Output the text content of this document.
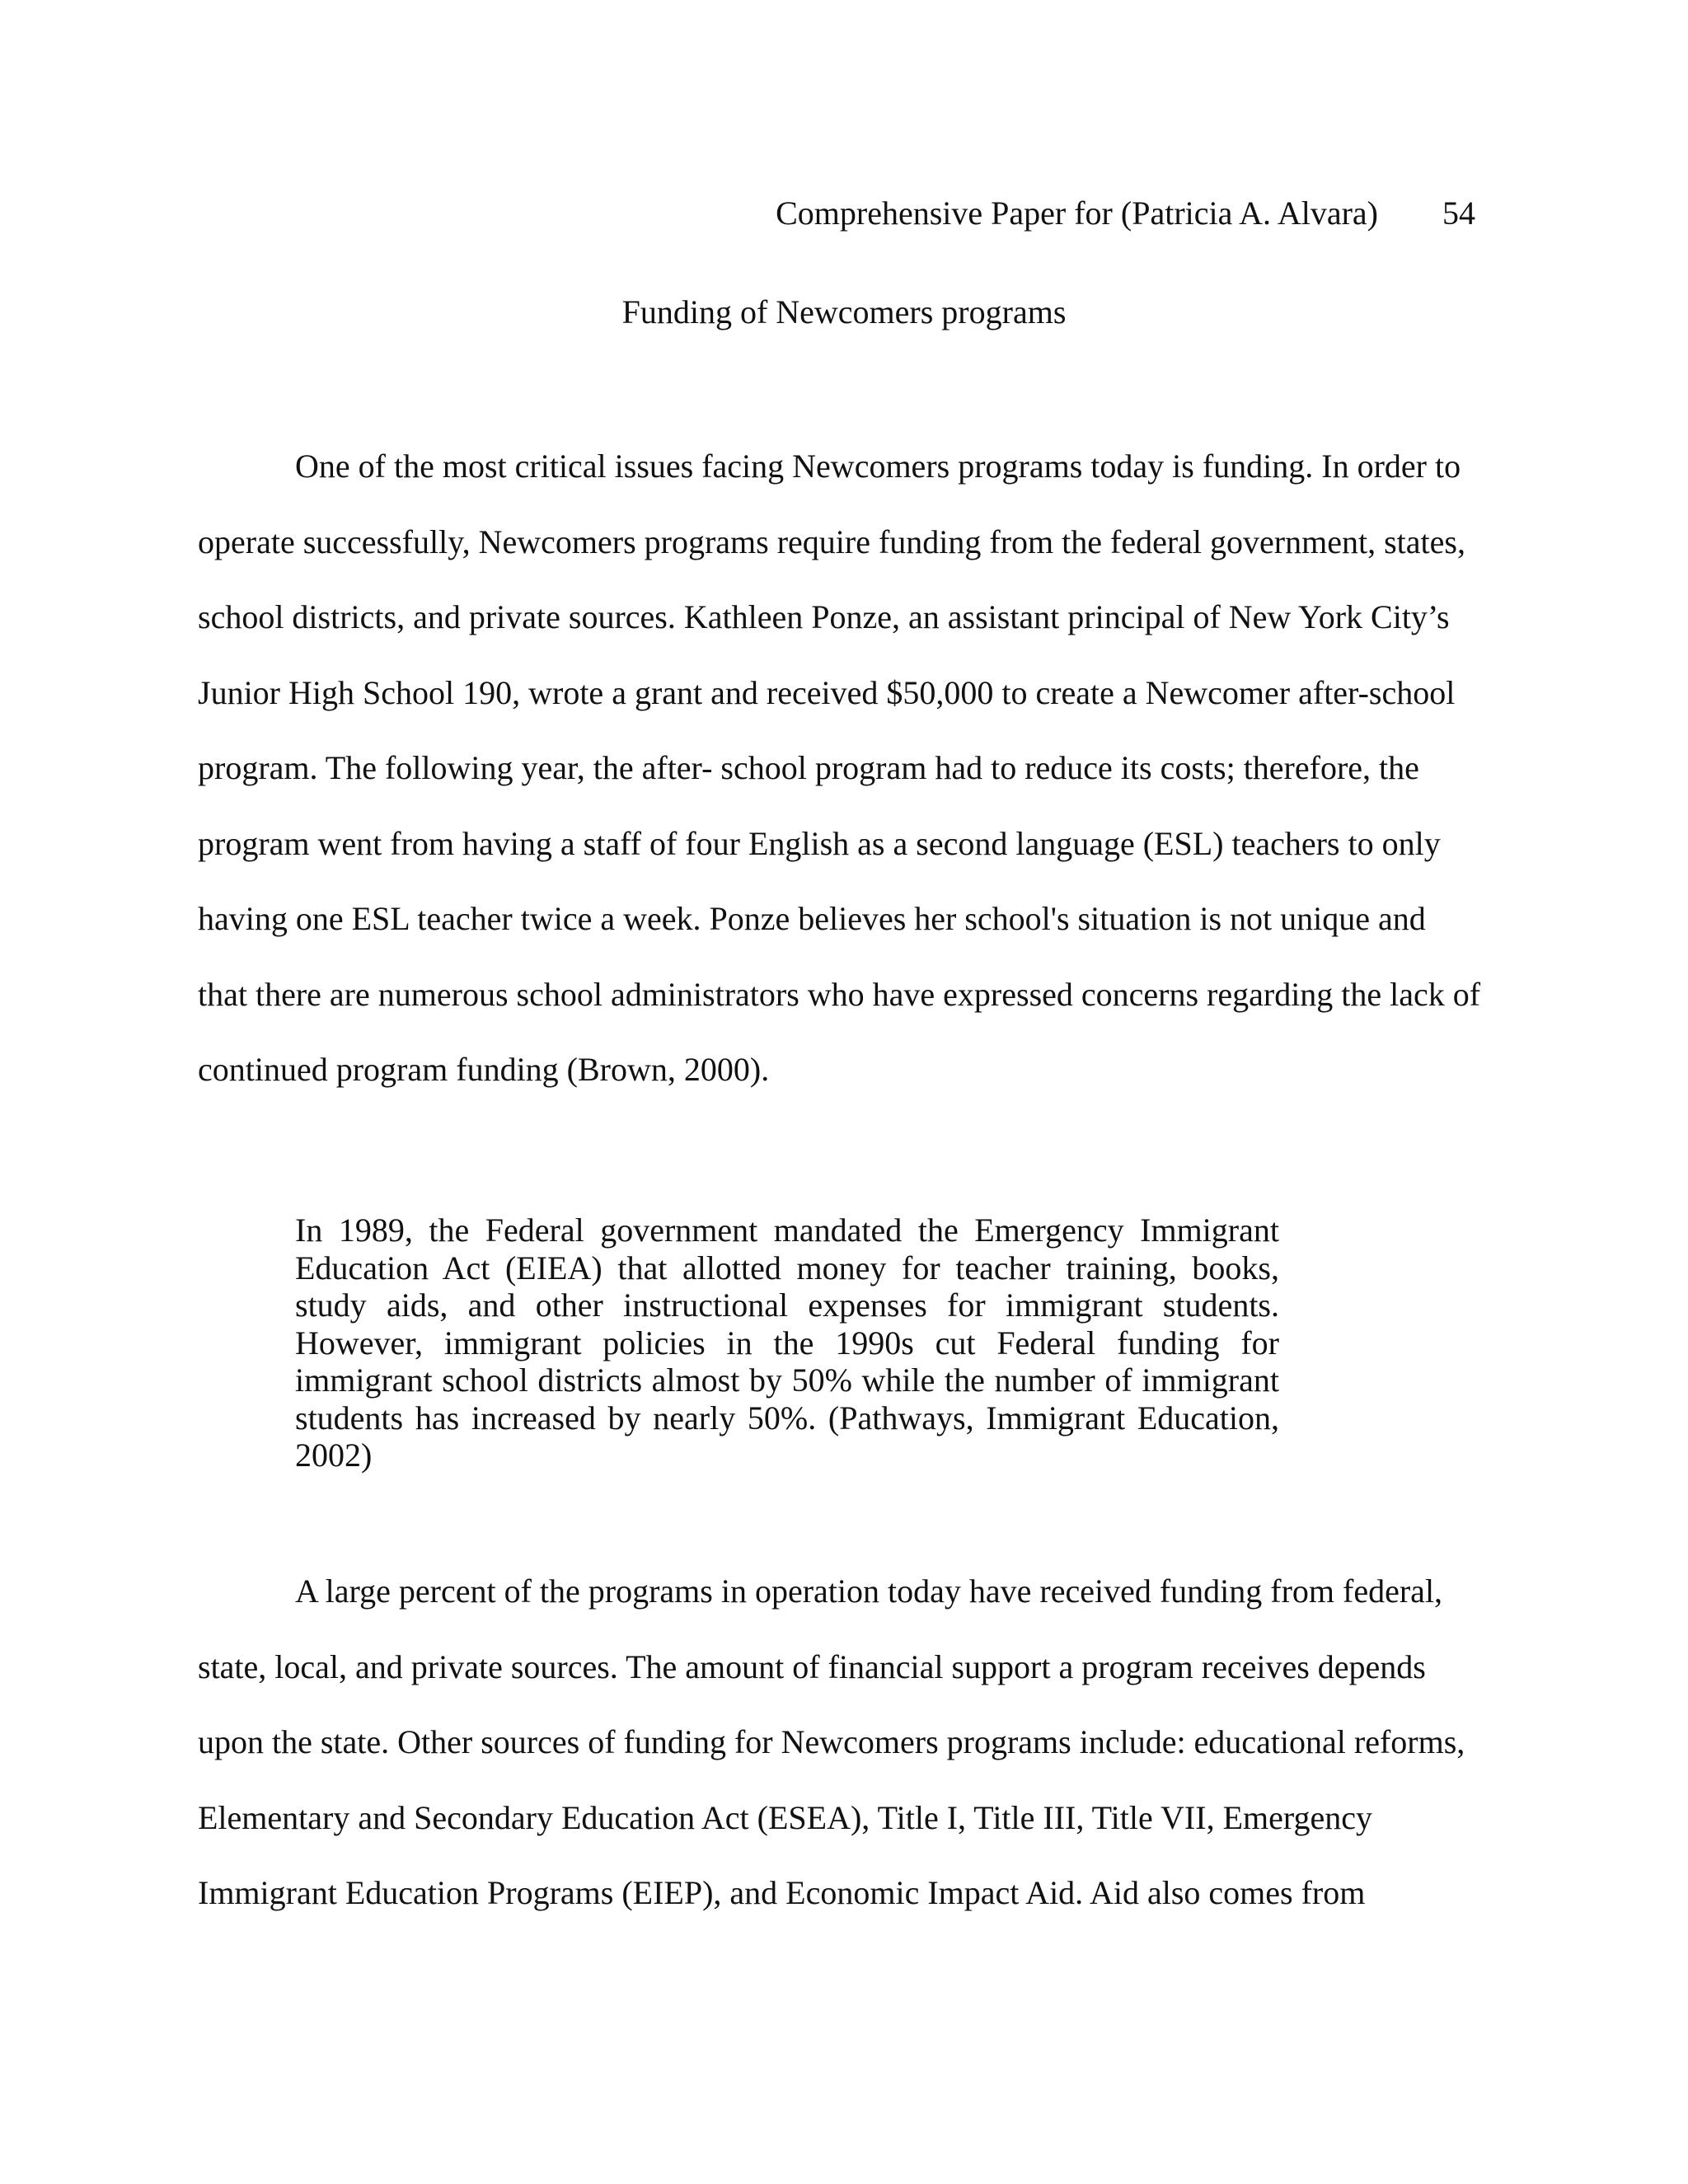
Comprehensive Paper for (Patricia A. Alvara) 54
Funding of Newcomers programs

One of the most critical issues facing Newcomers programs today is funding. In order to
operate successfully, Newcomers programs require funding from the federal government, states,
school districts, and private sources. Kathleen Ponze, an assistant principal of New York City’s
Junior High School 190, wrote a grant and received $50,000 to create a Newcomer after-school
program. The following year, the after- school program had to reduce its costs; therefore, the
program went from having a staff of four English as a second language (ESL) teachers to only
having one ESL teacher twice a week. Ponze believes her school's situation is not unique and
that there are numerous school administrators who have expressed concerns regarding the lack of
continued program funding (Brown, 2000).

In 1989, the Federal government mandated the Emergency Immigrant Education Act (EIEA) that allotted money for teacher training, books, study aids, and other instructional expenses for immigrant students. However, immigrant policies in the 1990s cut Federal funding for immigrant school districts almost by 50% while the number of immigrant students has increased by nearly 50%. (Pathways, Immigrant Education, 2002)

A large percent of the programs in operation today have received funding from federal,
state, local, and private sources. The amount of financial support a program receives depends
upon the state. Other sources of funding for Newcomers programs include: educational reforms,
Elementary and Secondary Education Act (ESEA), Title I, Title III, Title VII, Emergency
Immigrant Education Programs (EIEP), and Economic Impact Aid. Aid also comes from
